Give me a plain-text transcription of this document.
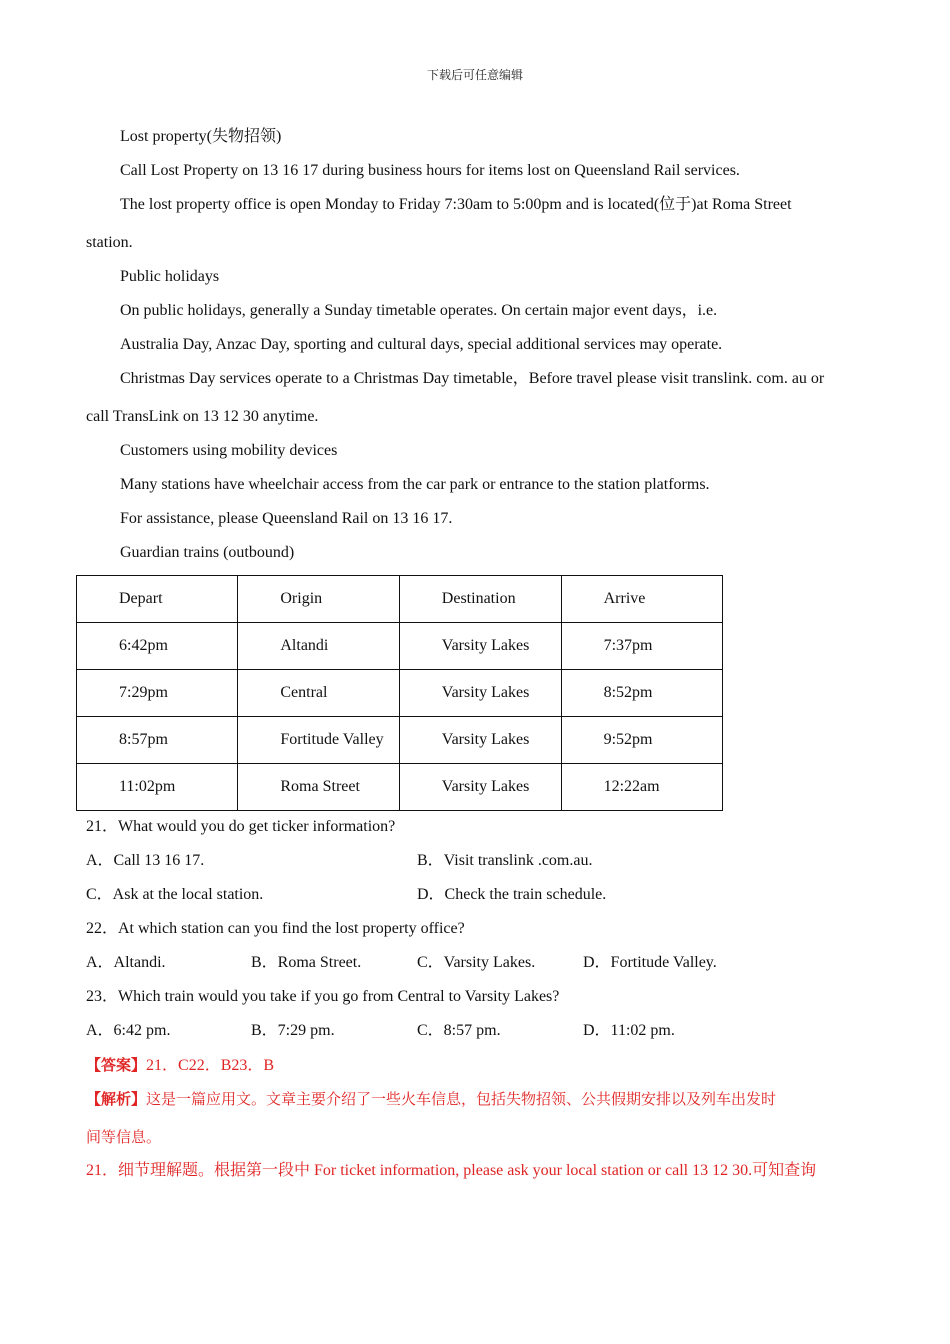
下载后可任意编辑
Lost property(失物招领)
Call Lost Property on 13 16 17 during business hours for items lost on Queensland Rail services.
The lost property office is open Monday to Friday 7:30am to 5:00pm and is located(位于)at Roma Street
station.
Public holidays
On public holidays, generally a Sunday timetable operates. On certain major event days，i.e.
Australia Day, Anzac Day, sporting and cultural days, special additional services may operate.
Christmas Day services operate to a Christmas Day timetable，Before travel please visit translink. com. au or
call TransLink on 13 12 30 anytime.
Customers using mobility devices
Many stations have wheelchair access from the car park or entrance to the station platforms.
For assistance, please Queensland Rail on 13 16 17.
Guardian trains (outbound)
Depart	Origin	Destination	Arrive
6:42pm	Altandi	Varsity Lakes	7:37pm
7:29pm	Central	Varsity Lakes	8:52pm
8:57pm	Fortitude Valley	Varsity Lakes	9:52pm
11:02pm	Roma Street	Varsity Lakes	12:22am
21．What would you do get ticker information?
A．Call 13 16 17.	B．Visit translink .com.au.
C．Ask at the local station.	D．Check the train schedule.
22．At which station can you find the lost property office?
A．Altandi.	B．Roma Street.	C．Varsity Lakes.	D．Fortitude Valley.
23．Which train would you take if you go from Central to Varsity Lakes?
A．6:42 pm.	B．7:29 pm.	C．8:57 pm.	D．11:02 pm.
【答案】21．C22．B23．B
【解析】这是一篇应用文。文章主要介绍了一些火车信息，包括失物招领、公共假期安排以及列车出发时
间等信息。
21．细节理解题。根据第一段中 For ticket information, please ask your local station or call 13 12 30.可知查询
